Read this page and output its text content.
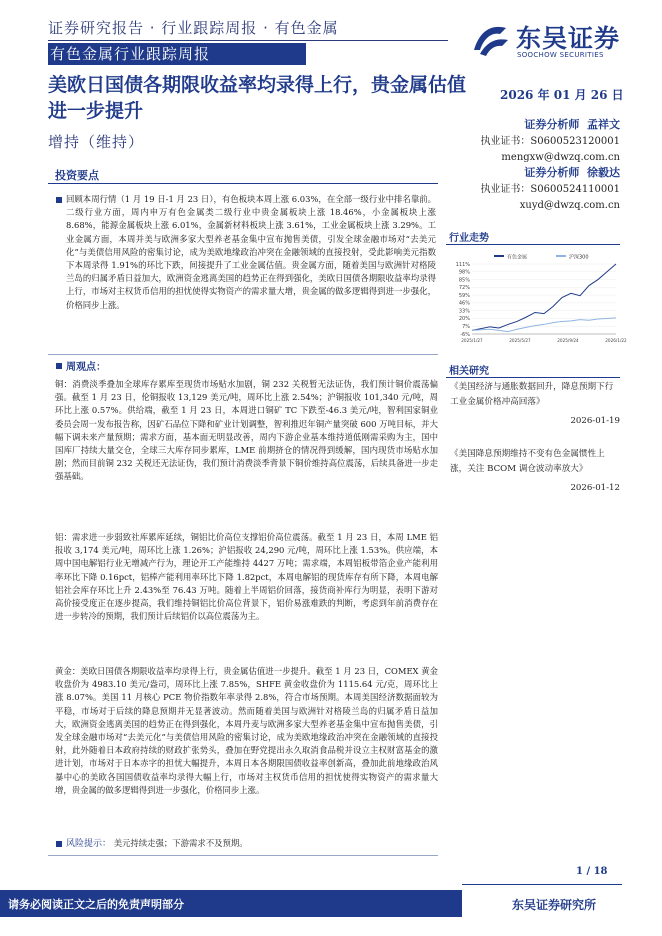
证券研究报告 · 行业跟踪周报 · 有色金属
有色金属行业跟踪周报
东吴证券
SOOCHOW SECURITIES
美欧日国债各期限收益率均录得上行，贵金属估值进一步提升
增持（维持）
2026 年 01 月 26 日
证券分析师 孟祥文
执业证书：S0600523120001
mengxw@dwzq.com.cn
证券分析师 徐毅达
执业证书：S0600524110001
xuyd@dwzq.com.cn
投资要点
回顾本周行情（1 月 19 日-1 月 23 日），有色板块本周上涨 6.03%，在全部一级行业中排名靠前。二级行业方面，周内申万有色金属类二级行业中贵金属板块上涨 18.46%，小金属板块上涨 8.68%，能源金属板块上涨 6.01%，金属新材料板块上涨 3.61%，工业金属板块上涨 3.29%。工业金属方面，本周并美与欧洲多家大型养老基金集中宣布抛售美债，引发全球金融市场对“去美元化”与美债信用风险的密集讨论，成为美欧地缘政治冲突在金融领域的直接投射，受此影响美元指数下本周录得 1.91%的环比下跌，间接提升了工业金属估值。贵金属方面，随着美国与欧洲针对格陵兰岛的归属矛盾日益加大，欧洲资金逃离美国的趋势正在得到强化，美欧日国债各期限收益率均录得上行，市场对主权货币信用的担忧使得实物资产的需求量大增，贵金属的做多逻辑得到进一步强化，价格同步上涨。
周观点：
铜：消费淡季叠加全球库存累库至现货市场贴水加剧，铜 232 关税暂无法证伪，我们预计铜价震荡偏强。截至 1 月 23 日，伦铜报收 13,129 美元/吨，周环比上涨 2.54%；沪铜报收 101,340 元/吨，周环比上涨 0.57%。供给端，截至 1 月 23 日，本周进口铜矿 TC 下跌至-46.3 美元/吨，智利国家铜业委员会周一发布报告称，因矿石品位下降和矿业计划调整，智利推迟年铜产量突破 600 万吨目标，并大幅下调未来产量预期；需求方面，基本面无明显改善，周内下游企业基本维持道低刚需采购为主，国中国库厂持续大量交仓，全球三大库存同步累库，LME 前期挤仓的情况得到缓解，国内现货市场贴水加剧；然而目前铜 232 关税还无法证伪，我们预计消费淡季背景下铜价维持高位震荡，后续具备进一步走强基础。
铝：需求进一步弱致社库累库延续，铜铝比价高位支撑铝价高位震荡。截至 1 月 23 日，本周 LME 铝报收 3,174 美元/吨，周环比上涨 1.26%；沪铝报收 24,290 元/吨，周环比上涨 1.53%。供应端，本周中国电解铝行业无增减产行为，理论开工产能维持 4427 万吨；需求端，本周铝板带箔企业产能利用率环比下降 0.16pct，铝棒产能利用率环比下降 1.82pct，本周电解铝的现货库存有所下降，本周电解铝社会库存环比上升 2.43%至 76.43 万吨。随着上半周铝价回落，接货商补库行为明显，表明下游对高价接受度正在逐步提高，我们维持铜铝比价高位背景下，铝价易涨难跌的判断，考虑到年前消费存在进一步转冷的预期，我们预计后续铝价以高位震荡为主。
黄金：美欧日国债各期限收益率均录得上行，贵金属估值进一步提升。截至 1 月 23 日，COMEX 黄金收盘价为 4983.10 美元/盎司，周环比上涨 7.85%，SHFE 黄金收盘价为 1115.64 元/克，周环比上涨 8.07%。美国 11 月核心 PCE 物价指数年率录得 2.8%，符合市场预期。本周美国经济数据面较为平稳，市场对于后续的降息预期并无显著波动。然而随着美国与欧洲针对格陵兰岛的归属矛盾日益加大，欧洲资金逃离美国的趋势正在得到强化，本周丹麦与欧洲多家大型养老基金集中宣布抛售美债，引发全球金融市场对“去美元化”与美债信用风险的密集讨论，成为美欧地缘政治冲突在金融领域的直接投射，此外随着日本政府持续的财政扩张势头，叠加在野党提出永久取消食品税并设立主权财富基金的激进计划，市场对于日本赤字的担忧大幅提升，本周日本各期限国债收益率创新高，叠加此前地缘政治风暴中心的美欧各国国债收益率均录得大幅上行，市场对主权货币信用的担忧使得实物资产的需求量大增，贵金属的做多逻辑得到进一步强化，价格同步上涨。
风险提示： 美元持续走强；下游需求不及预期。
行业走势
有色金属	沪深300
111%
98%
85%
72%
59%
46%
33%
20%
7%
-6%
2025/1/27	2025/5/27	2025/9/24	2026/1/22
相关研究
《美国经济与通胀数据回升，降息预期下行工业金属价格冲高回落》
2026-01-19
《美国降息预期维持不变有色金属惯性上涨，关注 BCOM 调仓波动率放大》
2026-01-12
1 / 18
请务必阅读正文之后的免责声明部分	东吴证券研究所
